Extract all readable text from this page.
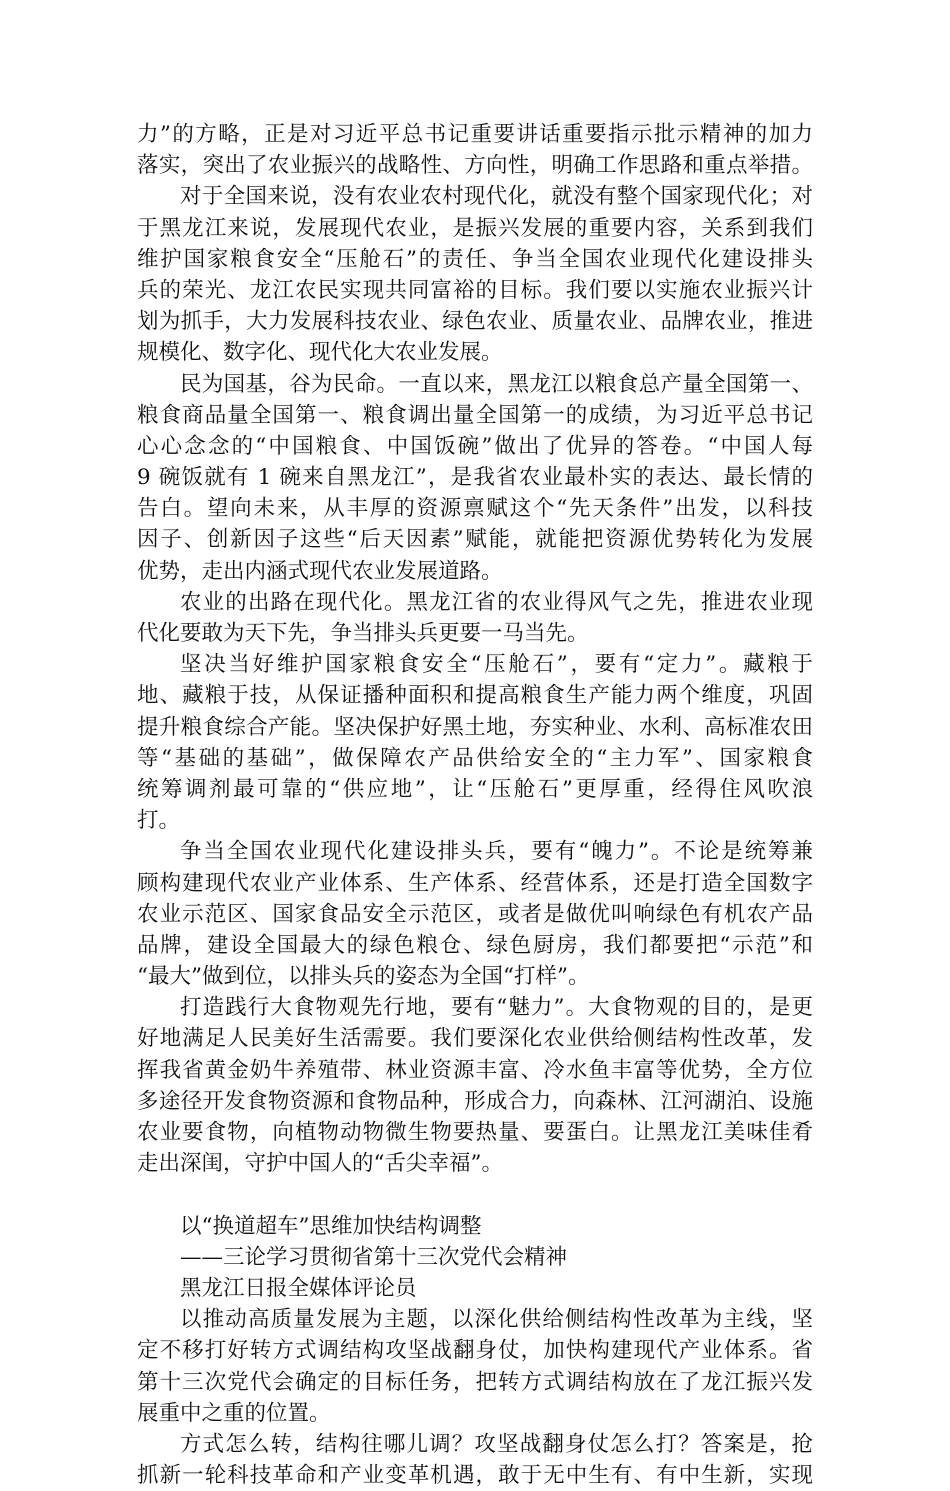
力”的方略，正是对习近平总书记重要讲话重要指示批示精神的加力
落实，突出了农业振兴的战略性、方向性，明确工作思路和重点举措。
对于全国来说，没有农业农村现代化，就没有整个国家现代化；对
于黑龙江来说，发展现代农业，是振兴发展的重要内容，关系到我们
维护国家粮食安全“压舱石”的责任、争当全国农业现代化建设排头
兵的荣光、龙江农民实现共同富裕的目标。我们要以实施农业振兴计
划为抓手，大力发展科技农业、绿色农业、质量农业、品牌农业，推进
规模化、数字化、现代化大农业发展。
民为国基，谷为民命。一直以来，黑龙江以粮食总产量全国第一、
粮食商品量全国第一、粮食调出量全国第一的成绩，为习近平总书记
心心念念的“中国粮食、中国饭碗”做出了优异的答卷。“中国人每
9 碗饭就有 1 碗来自黑龙江”，是我省农业最朴实的表达、最长情的
告白。望向未来，从丰厚的资源禀赋这个“先天条件”出发，以科技
因子、创新因子这些“后天因素”赋能，就能把资源优势转化为发展
优势，走出内涵式现代农业发展道路。
农业的出路在现代化。黑龙江省的农业得风气之先，推进农业现
代化要敢为天下先，争当排头兵更要一马当先。
坚决当好维护国家粮食安全“压舱石”，要有“定力”。藏粮于
地、藏粮于技，从保证播种面积和提高粮食生产能力两个维度，巩固
提升粮食综合产能。坚决保护好黑土地，夯实种业、水利、高标准农田
等“基础的基础”，做保障农产品供给安全的“主力军”、国家粮食
统筹调剂最可靠的“供应地”，让“压舱石”更厚重，经得住风吹浪
打。
争当全国农业现代化建设排头兵，要有“魄力”。不论是统筹兼
顾构建现代农业产业体系、生产体系、经营体系，还是打造全国数字
农业示范区、国家食品安全示范区，或者是做优叫响绿色有机农产品
品牌，建设全国最大的绿色粮仓、绿色厨房，我们都要把“示范”和
“最大”做到位，以排头兵的姿态为全国“打样”。
打造践行大食物观先行地，要有“魅力”。大食物观的目的，是更
好地满足人民美好生活需要。我们要深化农业供给侧结构性改革，发
挥我省黄金奶牛养殖带、林业资源丰富、冷水鱼丰富等优势，全方位
多途径开发食物资源和食物品种，形成合力，向森林、江河湖泊、设施
农业要食物，向植物动物微生物要热量、要蛋白。让黑龙江美味佳肴
走出深闺，守护中国人的“舌尖幸福”。
以“换道超车”思维加快结构调整
——三论学习贯彻省第十三次党代会精神
黑龙江日报全媒体评论员
以推动高质量发展为主题，以深化供给侧结构性改革为主线，坚
定不移打好转方式调结构攻坚战翻身仗，加快构建现代产业体系。省
第十三次党代会确定的目标任务，把转方式调结构放在了龙江振兴发
展重中之重的位置。
方式怎么转，结构往哪儿调？攻坚战翻身仗怎么打？答案是，抢
抓新一轮科技革命和产业变革机遇，敢于无中生有、有中生新，实现
